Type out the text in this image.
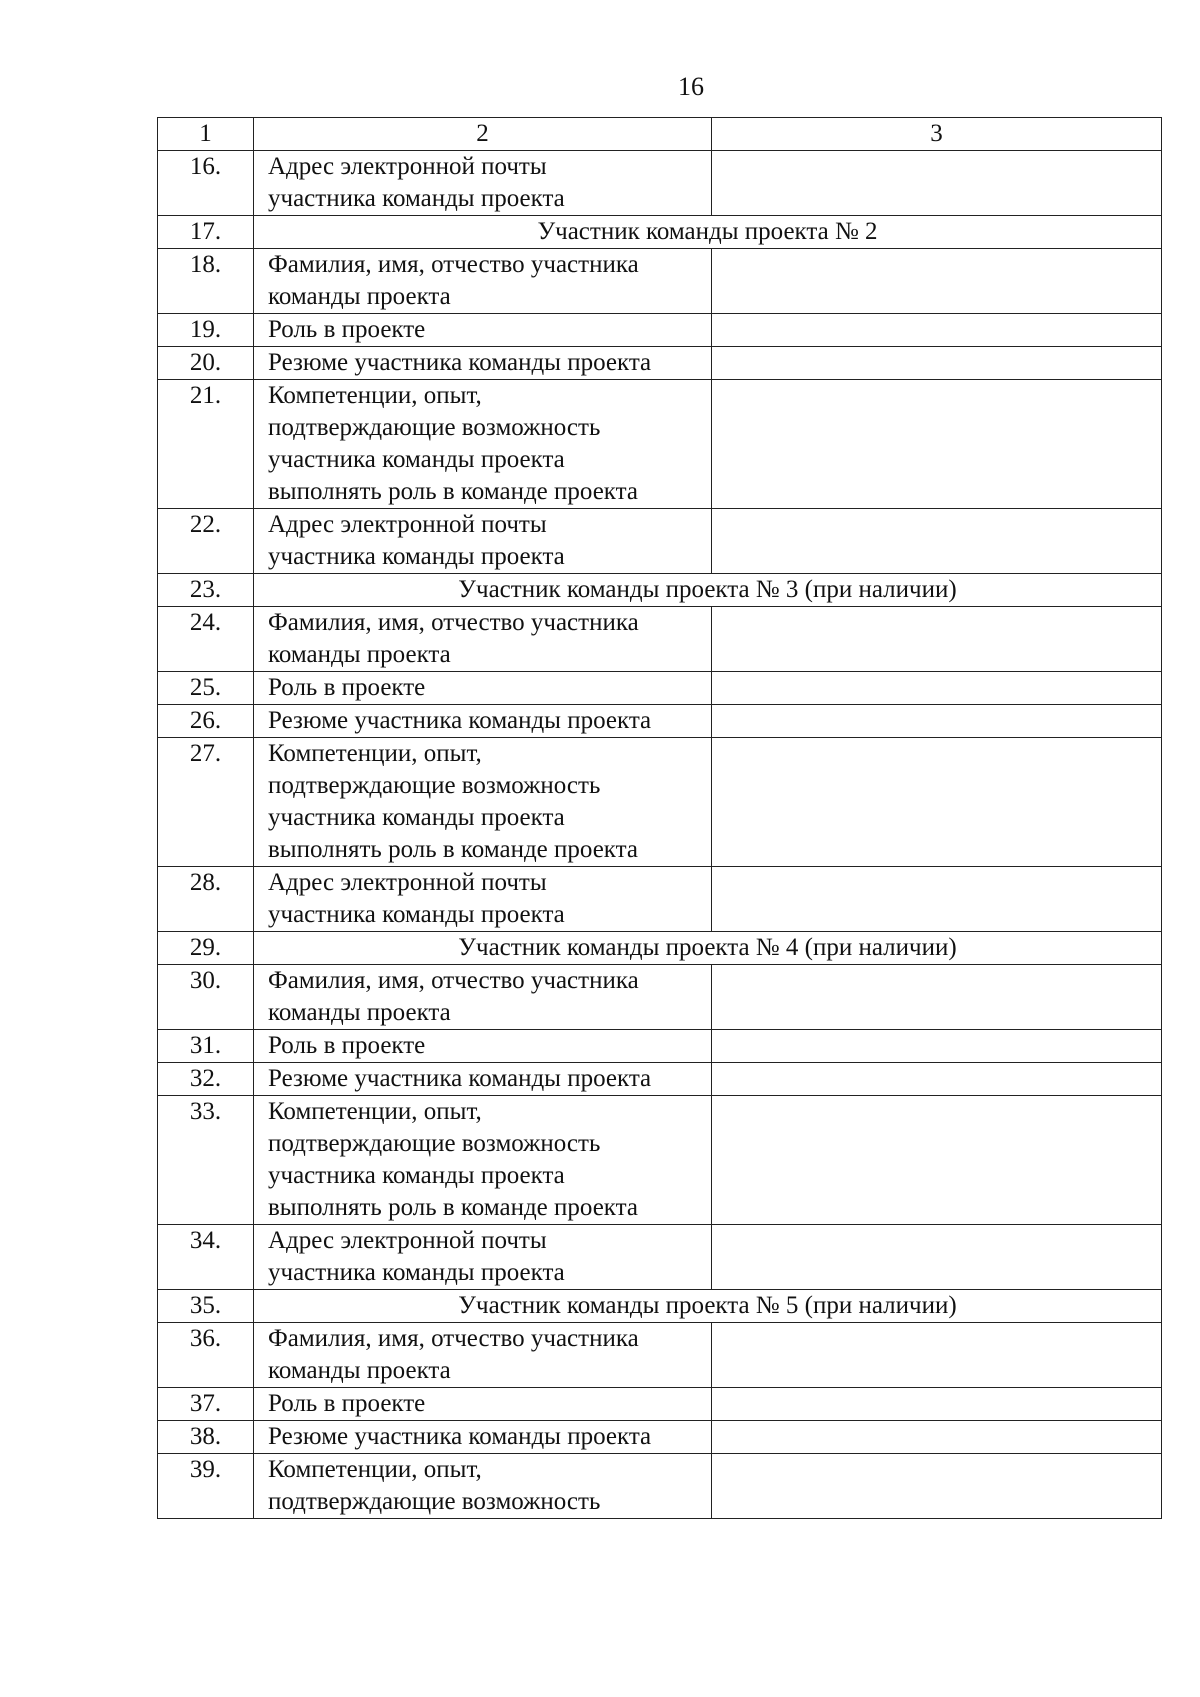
16
1	2	3
16.	Адрес электронной почты
участника команды проекта	

17.	Участник команды проекта № 2	
18.	Фамилия, имя, отчество участника
команды проекта	

19.	Роль в проекте	

20.	Резюме участника команды проекта	

21.	Компетенции, опыт,
подтверждающие возможность
участника команды проекта
выполнять роль в команде проекта	

22.	Адрес электронной почты
участника команды проекта	

23.	Участник команды проекта № 3 (при наличии)	
24.	Фамилия, имя, отчество участника
команды проекта	

25.	Роль в проекте	

26.	Резюме участника команды проекта	

27.	Компетенции, опыт,
подтверждающие возможность
участника команды проекта
выполнять роль в команде проекта	

28.	Адрес электронной почты
участника команды проекта	

29.	Участник команды проекта № 4 (при наличии)	
30.	Фамилия, имя, отчество участника
команды проекта	

31.	Роль в проекте	

32.	Резюме участника команды проекта	

33.	Компетенции, опыт,
подтверждающие возможность
участника команды проекта
выполнять роль в команде проекта	

34.	Адрес электронной почты
участника команды проекта	

35.	Участник команды проекта № 5 (при наличии)	
36.	Фамилия, имя, отчество участника
команды проекта	

37.	Роль в проекте	

38.	Резюме участника команды проекта	

39.	Компетенции, опыт,
подтверждающие возможность	
